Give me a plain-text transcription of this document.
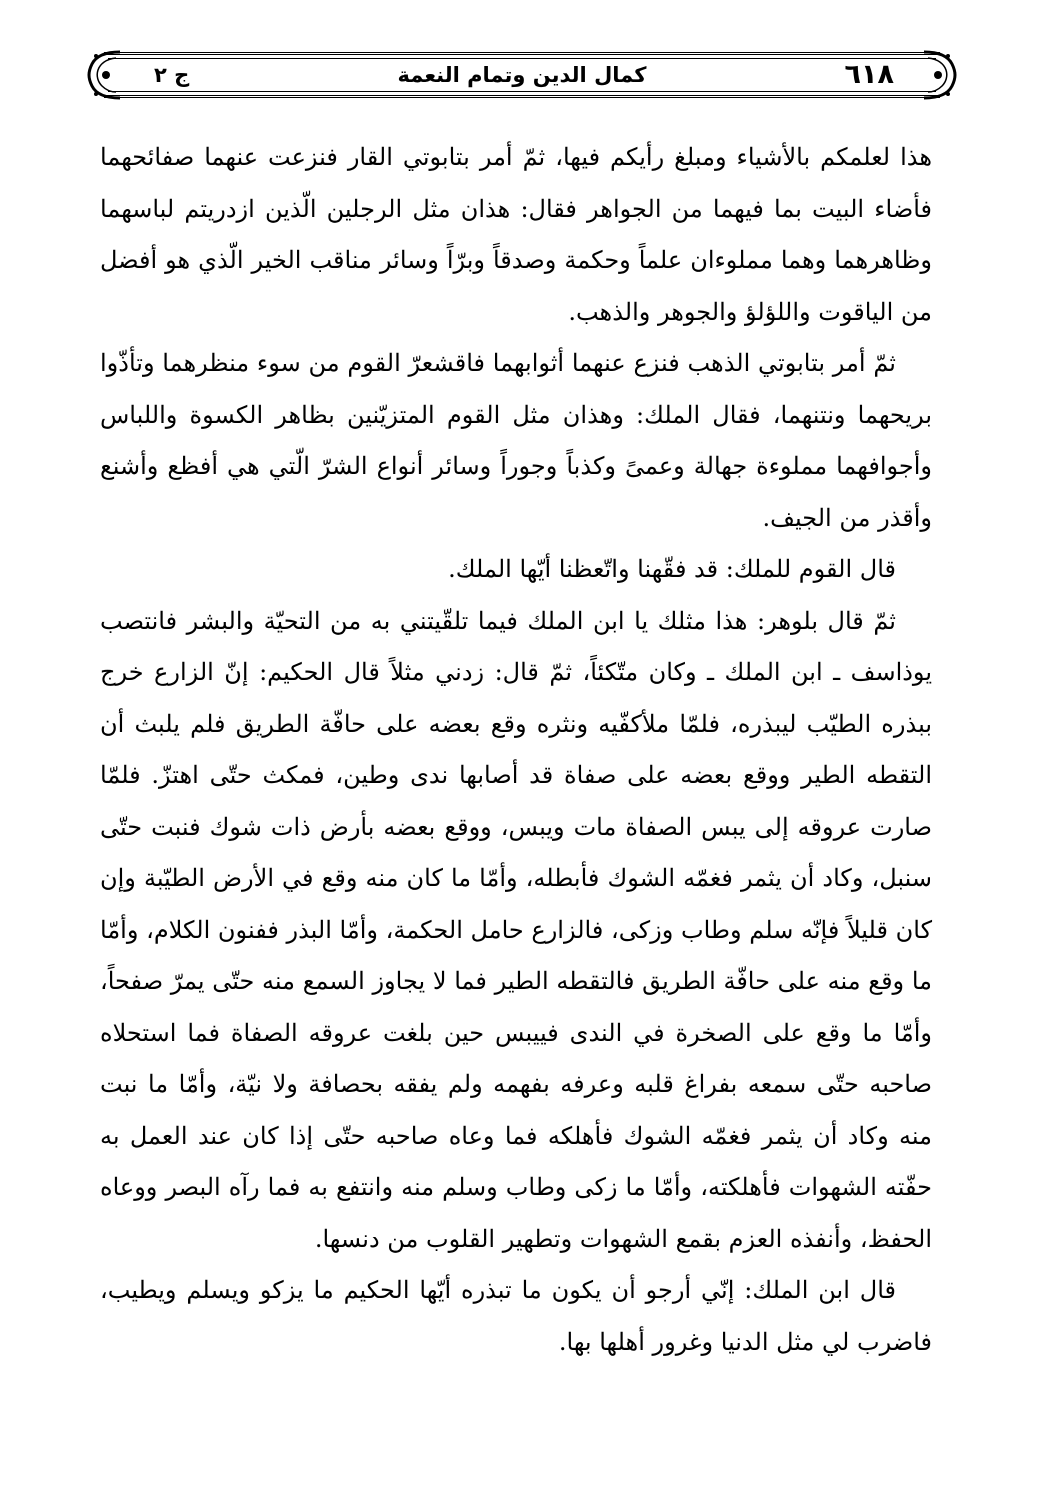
٦١٨
كمال الدين وتمام النعمة
ج ٢

هذا لعلمكم بالأشياء ومبلغ رأيكم فيها، ثمّ أمر بتابوتي القار فنزعت عنهما صفائحهما فأضاء البيت بما فيهما من الجواهر فقال: هذان مثل الرجلين الّذين ازدريتم لباسهما وظاهرهما وهما مملوءان علماً وحكمة وصدقاً وبرّاً وسائر مناقب الخير الّذي هو أفضل من الياقوت واللؤلؤ والجوهر والذهب.

ثمّ أمر بتابوتي الذهب فنزع عنهما أثوابهما فاقشعرّ القوم من سوء منظرهما وتأذّوا بريحهما ونتنهما، فقال الملك: وهذان مثل القوم المتزيّنين بظاهر الكسوة واللباس وأجوافهما مملوءة جهالة وعمىً وكذباً وجوراً وسائر أنواع الشرّ الّتي هي أفظع وأشنع وأقذر من الجيف.

قال القوم للملك: قد فقّهنا واتّعظنا أيّها الملك.

ثمّ قال بلوهر: هذا مثلك يا ابن الملك فيما تلقّيتني به من التحيّة والبشر فانتصب يوذاسف ـ ابن الملك ـ وكان متّكئاً، ثمّ قال: زدني مثلاً قال الحكيم: إنّ الزارع خرج ببذره الطيّب ليبذره، فلمّا ملأكفّيه ونثره وقع بعضه على حافّة الطريق فلم يلبث أن التقطه الطير ووقع بعضه على صفاة قد أصابها ندى وطين، فمكث حتّى اهتزّ. فلمّا صارت عروقه إلى يبس الصفاة مات ويبس، ووقع بعضه بأرض ذات شوك فنبت حتّى سنبل، وكاد أن يثمر فغمّه الشوك فأبطله، وأمّا ما كان منه وقع في الأرض الطيّبة وإن كان قليلاً فإنّه سلم وطاب وزكى، فالزارع حامل الحكمة، وأمّا البذر ففنون الكلام، وأمّا ما وقع منه على حافّة الطريق فالتقطه الطير فما لا يجاوز السمع منه حتّى يمرّ صفحاً، وأمّا ما وقع على الصخرة في الندى فييبس حين بلغت عروقه الصفاة فما استحلاه صاحبه حتّى سمعه بفراغ قلبه وعرفه بفهمه ولم يفقه بحصافة ولا نيّة، وأمّا ما نبت منه وكاد أن يثمر فغمّه الشوك فأهلكه فما وعاه صاحبه حتّى إذا كان عند العمل به حفّته الشهوات فأهلكته، وأمّا ما زكى وطاب وسلم منه وانتفع به فما رآه البصر ووعاه الحفظ، وأنفذه العزم بقمع الشهوات وتطهير القلوب من دنسها.

قال ابن الملك: إنّي أرجو أن يكون ما تبذره أيّها الحكيم ما يزكو ويسلم ويطيب، فاضرب لي مثل الدنيا وغرور أهلها بها.
